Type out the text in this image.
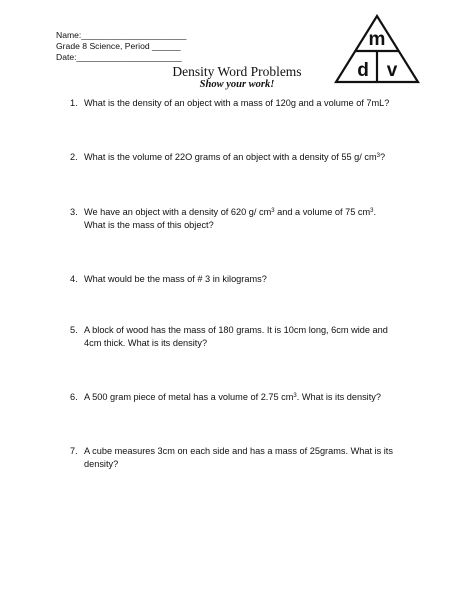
Name:______________________
Grade 8 Science, Period ______
Date:______________________
Density Word Problems
Show your work!
m
d v
1. What is the density of an object with a mass of 120g and a volume of 7mL?
2. What is the volume of 22O grams of an object with a density of 55 g/ $cm^3$?
3. We have an object with a density of 620 g/ $cm^3$ and a volume of 75 $cm^3$.
What is the mass of this object?
4. What would be the mass of # 3 in kilograms?
5. A block of wood has the mass of 180 grams. It is 10cm long, 6cm wide and
4cm thick. What is its density?
6. A 500 gram piece of metal has a volume of 2.75 $cm^3$. What is its density?
7. A cube measures 3cm on each side and has a mass of 25grams. What is its
density?
